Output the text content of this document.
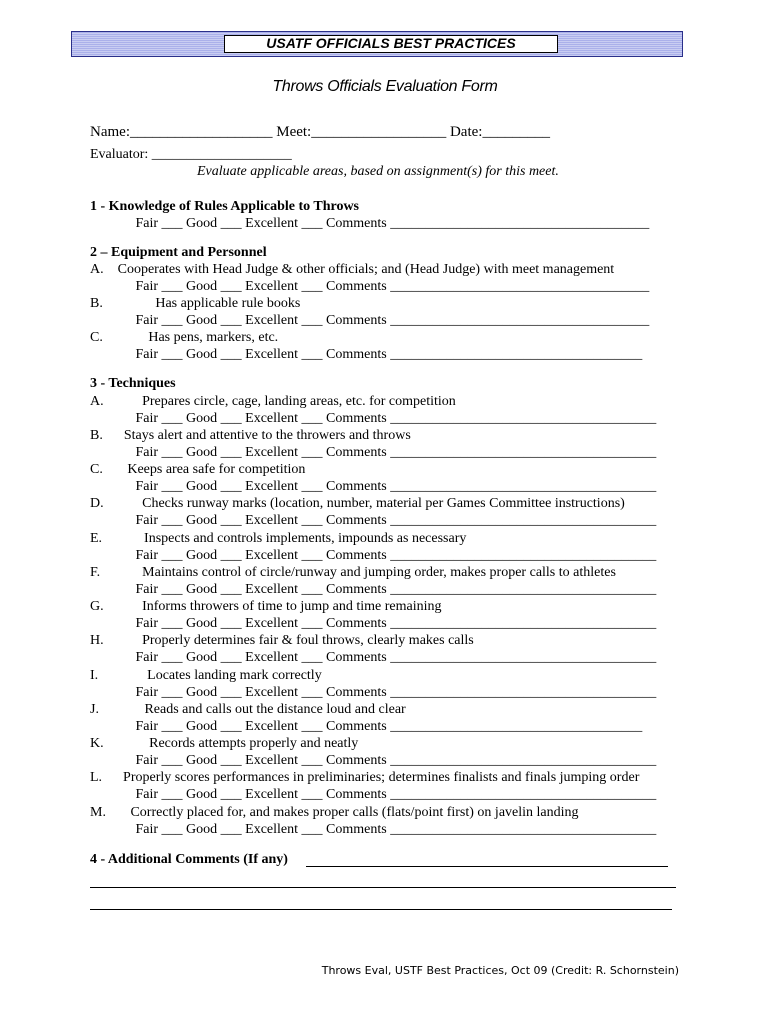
USATF OFFICIALS BEST PRACTICES
Throws Officials Evaluation Form
Name:___________________ Meet:__________________ Date:_________
Evaluator: ____________________
Evaluate applicable areas, based on assignment(s) for this meet.
1 - Knowledge of Rules Applicable to Throws
Fair ___ Good ___ Excellent ___ Comments _____________________________________
2 – Equipment and Personnel
A.    Cooperates with Head Judge & other officials; and (Head Judge) with meet management
Fair ___ Good ___ Excellent ___ Comments _____________________________________
B.               Has applicable rule books
Fair ___ Good ___ Excellent ___ Comments _____________________________________
C.             Has pens, markers, etc.
Fair ___ Good ___ Excellent ___ Comments ____________________________________
3 - Techniques
A.           Prepares circle, cage, landing areas, etc. for competition
Fair ___ Good ___ Excellent ___ Comments ______________________________________
B.      Stays alert and attentive to the throwers and throws
Fair ___ Good ___ Excellent ___ Comments ______________________________________
C.       Keeps area safe for competition
Fair ___ Good ___ Excellent ___ Comments ______________________________________
D.           Checks runway marks (location, number, material per Games Committee instructions)
Fair ___ Good ___ Excellent ___ Comments ______________________________________
E.            Inspects and controls implements, impounds as necessary
Fair ___ Good ___ Excellent ___ Comments ______________________________________
F.            Maintains control of circle/runway and jumping order, makes proper calls to athletes
Fair ___ Good ___ Excellent ___ Comments ______________________________________
G.           Informs throwers of time to jump and time remaining
Fair ___ Good ___ Excellent ___ Comments ______________________________________
H.           Properly determines fair & foul throws, clearly makes calls
Fair ___ Good ___ Excellent ___ Comments ______________________________________
I.              Locates landing mark correctly
Fair ___ Good ___ Excellent ___ Comments ______________________________________
J.             Reads and calls out the distance loud and clear
Fair ___ Good ___ Excellent ___ Comments ____________________________________
K.             Records attempts properly and neatly
Fair ___ Good ___ Excellent ___ Comments ______________________________________
L.      Properly scores performances in preliminaries; determines finalists and finals jumping order
Fair ___ Good ___ Excellent ___ Comments ______________________________________
M.       Correctly placed for, and makes proper calls (flats/point first) on javelin landing
Fair ___ Good ___ Excellent ___ Comments ______________________________________
4 - Additional Comments (If any)
Throws Eval, USTF Best Practices, Oct 09 (Credit: R. Schornstein)
